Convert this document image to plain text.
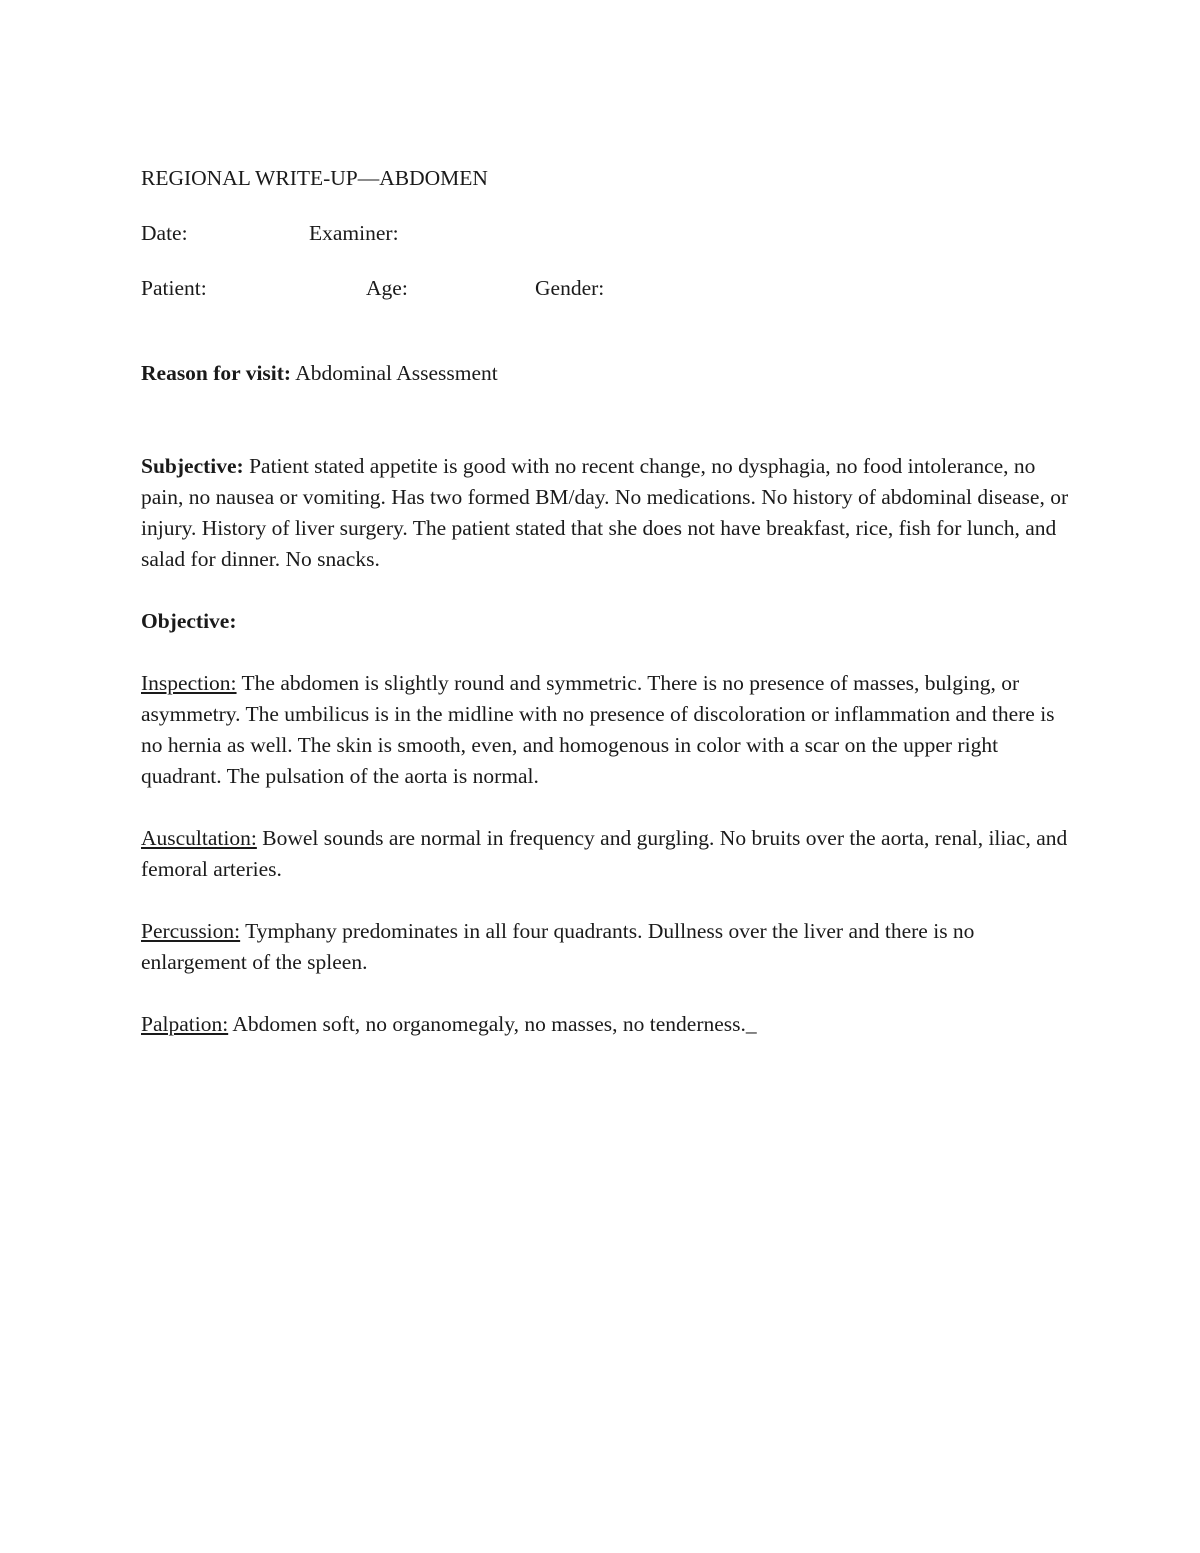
REGIONAL WRITE-UP—ABDOMEN
Date:	Examiner:
Patient:	Age:	Gender:

Reason for visit: Abdominal Assessment

Subjective: Patient stated appetite is good with no recent change, no dysphagia, no food intolerance, no pain, no nausea or vomiting. Has two formed BM/day. No medications. No history of abdominal disease, or injury. History of liver surgery. The patient stated that she does not have breakfast, rice, fish for lunch, and salad for dinner. No snacks.

Objective:

Inspection: The abdomen is slightly round and symmetric. There is no presence of masses, bulging, or asymmetry. The umbilicus is in the midline with no presence of discoloration or inflammation and there is no hernia as well. The skin is smooth, even, and homogenous in color with a scar on the upper right quadrant. The pulsation of the aorta is normal.

Auscultation: Bowel sounds are normal in frequency and gurgling. No bruits over the aorta, renal, iliac, and femoral arteries.

Percussion: Tymphany predominates in all four quadrants. Dullness over the liver and there is no enlargement of the spleen.

Palpation: Abdomen soft, no organomegaly, no masses, no tenderness._
